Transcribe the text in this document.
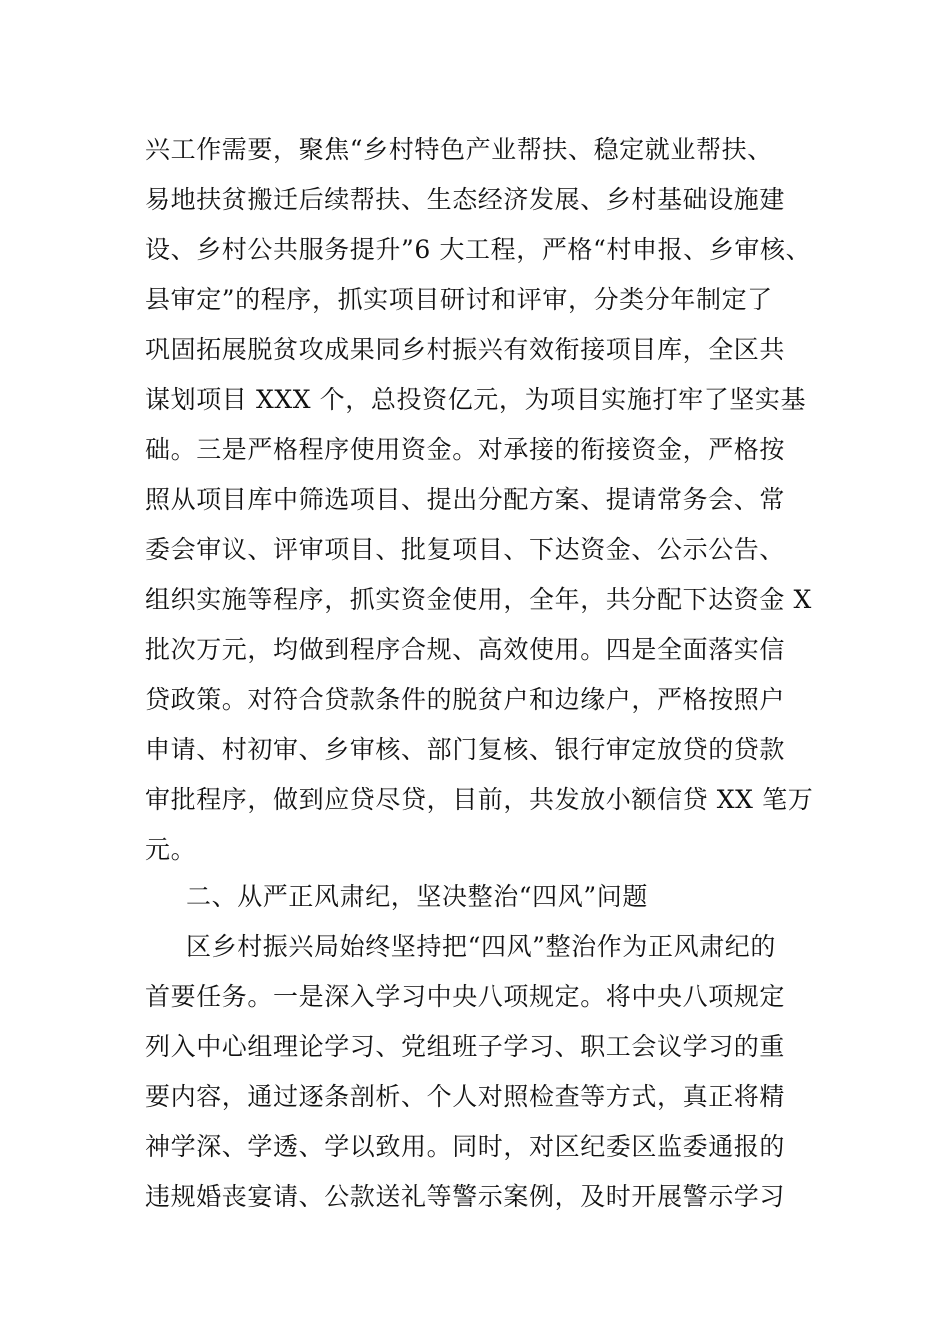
兴工作需要，聚焦“乡村特色产业帮扶、稳定就业帮扶、
易地扶贫搬迁后续帮扶、生态经济发展、乡村基础设施建
设、乡村公共服务提升”6 大工程，严格“村申报、乡审核、
县审定”的程序，抓实项目研讨和评审，分类分年制定了
巩固拓展脱贫攻成果同乡村振兴有效衔接项目库，全区共
谋划项目 XXX 个，总投资亿元，为项目实施打牢了坚实基
础。三是严格程序使用资金。对承接的衔接资金，严格按
照从项目库中筛选项目、提出分配方案、提请常务会、常
委会审议、评审项目、批复项目、下达资金、公示公告、
组织实施等程序，抓实资金使用，全年，共分配下达资金 X
批次万元，均做到程序合规、高效使用。四是全面落实信
贷政策。对符合贷款条件的脱贫户和边缘户，严格按照户
申请、村初审、乡审核、部门复核、银行审定放贷的贷款
审批程序，做到应贷尽贷，目前，共发放小额信贷 XX 笔万
元。
二、从严正风肃纪，坚决整治“四风”问题
区乡村振兴局始终坚持把“四风”整治作为正风肃纪的
首要任务。一是深入学习中央八项规定。将中央八项规定
列入中心组理论学习、党组班子学习、职工会议学习的重
要内容，通过逐条剖析、个人对照检查等方式，真正将精
神学深、学透、学以致用。同时，对区纪委区监委通报的
违规婚丧宴请、公款送礼等警示案例，及时开展警示学习
